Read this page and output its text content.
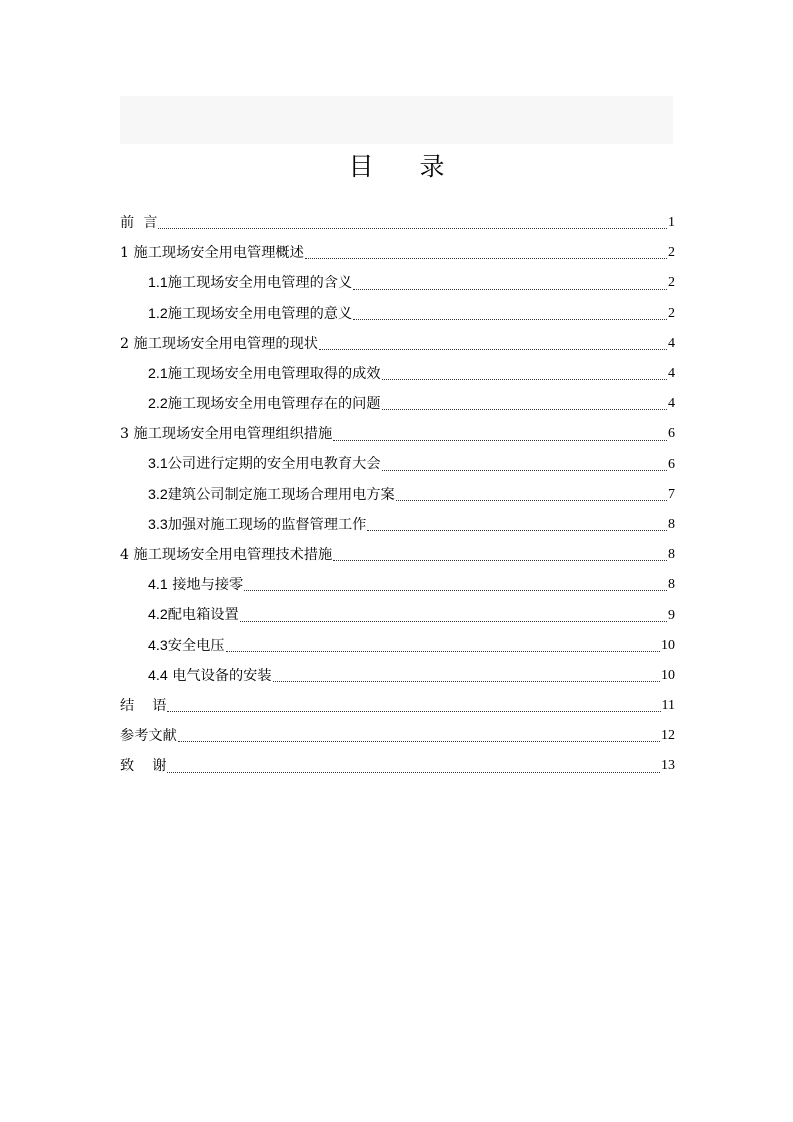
目 录
前  言	1
1 施工现场安全用电管理概述	2
1.1 施工现场安全用电管理的含义	2
1.2 施工现场安全用电管理的意义	2
2 施工现场安全用电管理的现状	4
2.1 施工现场安全用电管理取得的成效	4
2.2 施工现场安全用电管理存在的问题	4
3 施工现场安全用电管理组织措施	6
3.1 公司进行定期的安全用电教育大会	6
3.2 建筑公司制定施工现场合理用电方案	7
3.3 加强对施工现场的监督管理工作	8
4 施工现场安全用电管理技术措施	8
4.1 接地与接零	8
4.2 配电箱设置	9
4.3 安全电压	10
4.4 电气设备的安装	10
结    语	11
参考文献	12
致    谢	13
